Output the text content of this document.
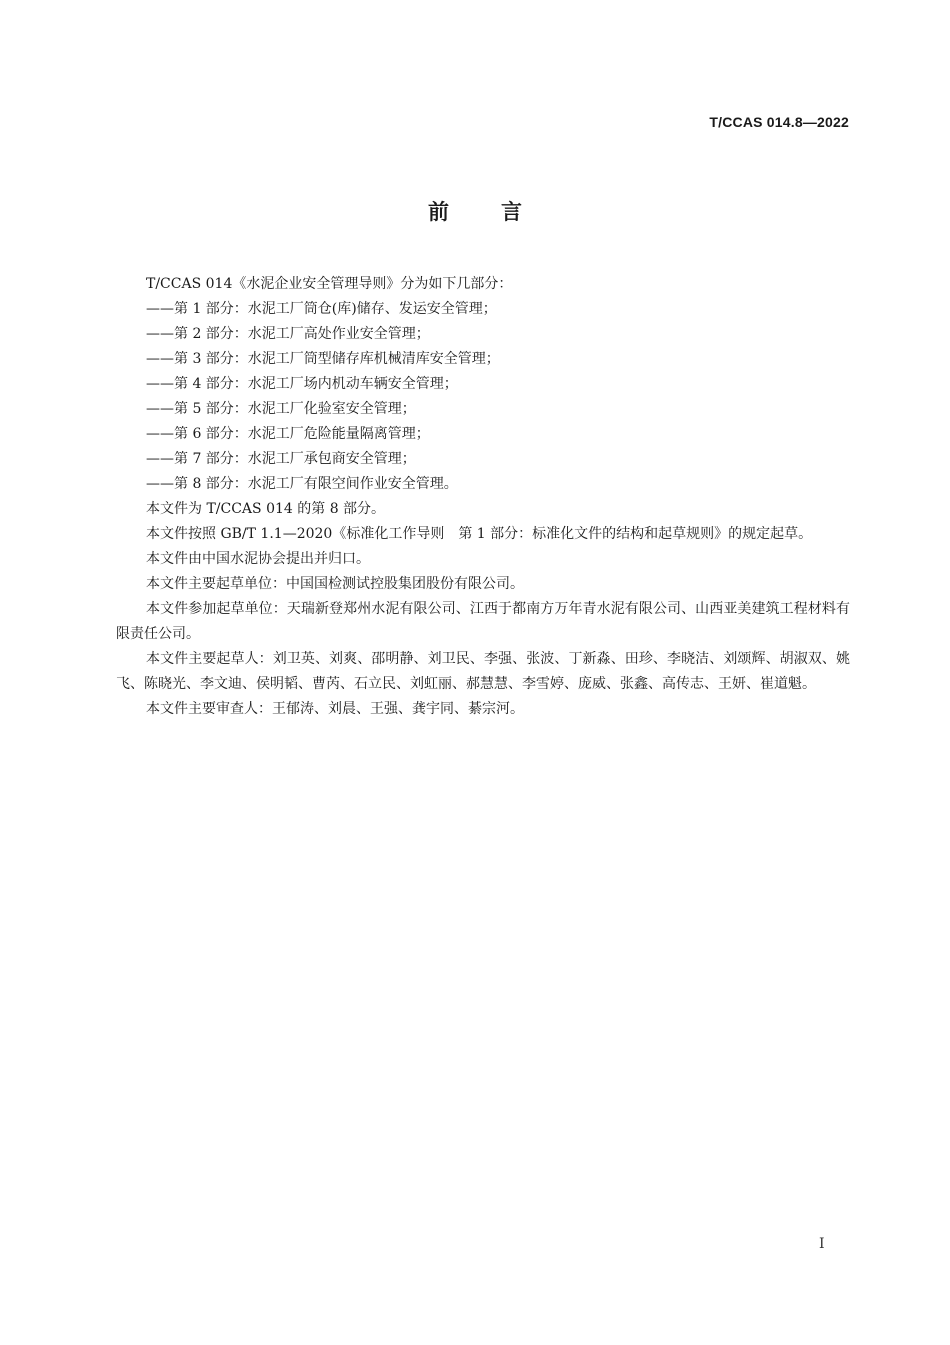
T/CCAS 014.8—2022
前言

T/CCAS 014《水泥企业安全管理导则》分为如下几部分：

——第 1 部分：水泥工厂筒仓(库)储存、发运安全管理；
——第 2 部分：水泥工厂高处作业安全管理；
——第 3 部分：水泥工厂筒型储存库机械清库安全管理；
——第 4 部分：水泥工厂场内机动车辆安全管理；
——第 5 部分：水泥工厂化验室安全管理；
——第 6 部分：水泥工厂危险能量隔离管理；
——第 7 部分：水泥工厂承包商安全管理；
——第 8 部分：水泥工厂有限空间作业安全管理。

本文件为 T/CCAS 014 的第 8 部分。

本文件按照 GB/T 1.1—2020《标准化工作导则　第 1 部分：标准化文件的结构和起草规则》的规定起草。

本文件由中国水泥协会提出并归口。

本文件主要起草单位：中国国检测试控股集团股份有限公司。

本文件参加起草单位：天瑞新登郑州水泥有限公司、江西于都南方万年青水泥有限公司、山西亚美建筑工程材料有限责任公司。

本文件主要起草人：刘卫英、刘爽、邵明静、刘卫民、李强、张波、丁新淼、田珍、李晓洁、刘颂辉、胡淑双、姚飞、陈晓光、李文迪、侯明韬、曹芮、石立民、刘虹丽、郝慧慧、李雪婷、庞威、张鑫、高传志、王妍、崔道魁。

本文件主要审查人：王郁涛、刘晨、王强、龚宇同、綦宗河。

I
